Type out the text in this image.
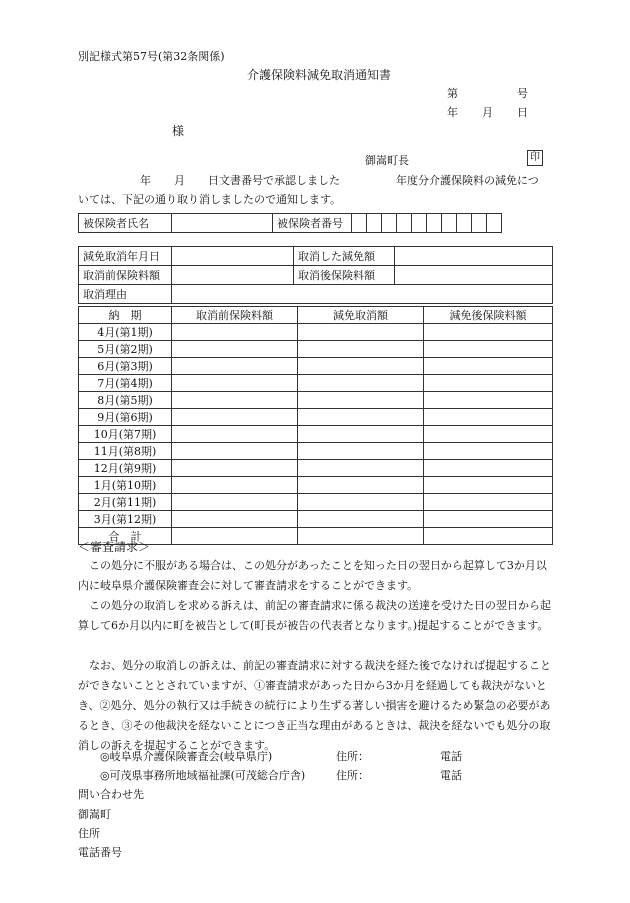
別記様式第57号(第32条関係)
介護保険料減免取消通知書
第	号
年 月 日
様
御嵩町長	印
年 月 日文書番号で承認しました	年度分介護保険料の減免につ
いては、下記の通り取り消しましたので通知します。
被保険者氏名		被保険者番号										
減免取消年月日		取消した減免額	
取消前保険料額		取消後保険料額	
取消理由			
納　期	取消前保険料額	減免取消額	減免後保険料額
4月(第1期)			
5月(第2期)			
6月(第3期)			
7月(第4期)			
8月(第5期)			
9月(第6期)			
10月(第7期)			
11月(第8期)			
12月(第9期)			
1月(第10期)			
2月(第11期)			
3月(第12期)			
合　計			
＜審査請求＞
この処分に不服がある場合は、この処分があったことを知った日の翌日から起算して3か月以内に岐阜県介護保険審査会に対して審査請求をすることができます。
この処分の取消しを求める訴えは、前記の審査請求に係る裁決の送達を受けた日の翌日から起算して6か月以内に町を被告として(町長が被告の代表者となります。)提起することができます。
なお、処分の取消しの訴えは、前記の審査請求に対する裁決を経た後でなければ提起することができないこととされていますが、①審査請求があった日から3か月を経過しても裁決がないとき、②処分、処分の執行又は手続きの続行により生ずる著しい損害を避けるため緊急の必要があるとき、③その他裁決を経ないことにつき正当な理由があるときは、裁決を経ないでも処分の取消しの訴えを提起することができます。
◎岐阜県介護保険審査会(岐阜県庁)	住所：	電話
◎可茂県事務所地域福祉課(可茂総合庁舎)	住所：	電話
問い合わせ先
御嵩町
住所
電話番号
